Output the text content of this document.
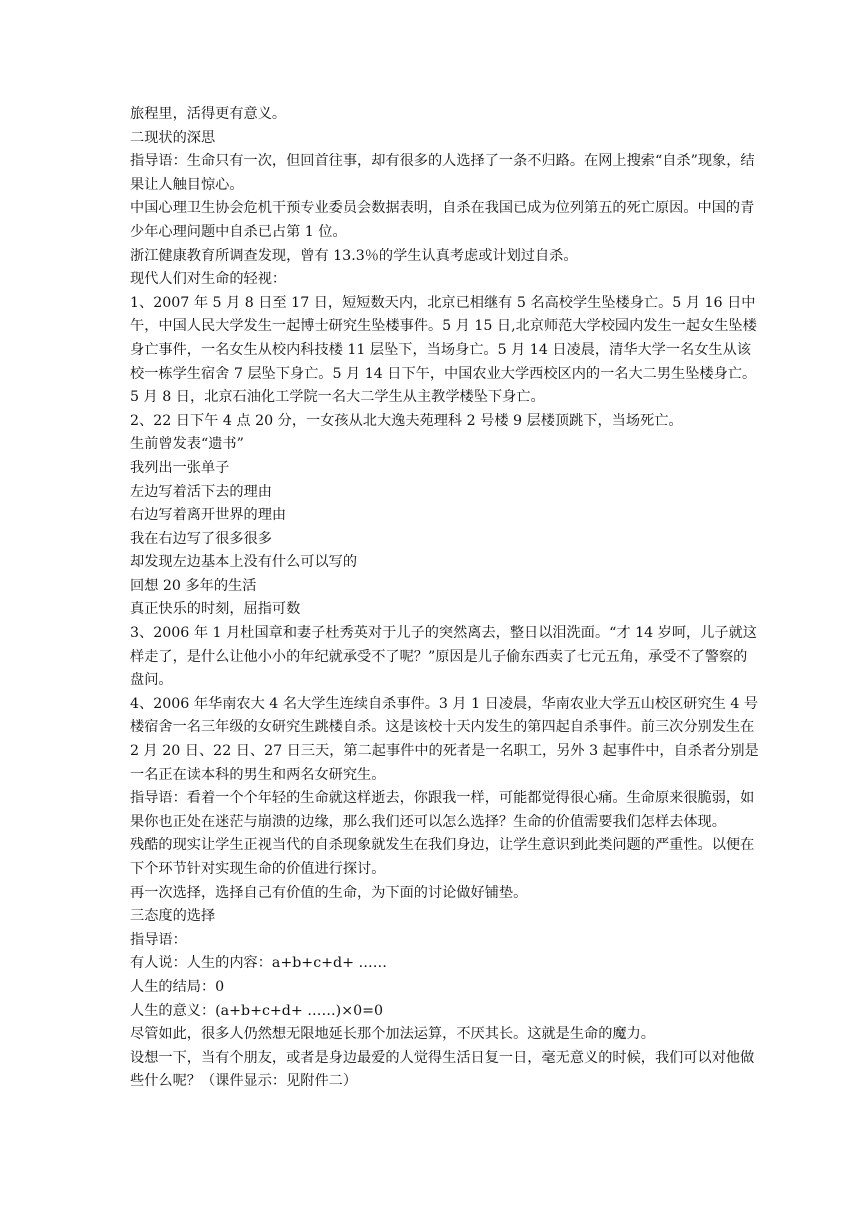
旅程里，活得更有意义。

二现状的深思

指导语：生命只有一次，但回首往事，却有很多的人选择了一条不归路。在网上搜索“自杀”现象，结果让人触目惊心。

中国心理卫生协会危机干预专业委员会数据表明，自杀在我国已成为位列第五的死亡原因。中国的青少年心理问题中自杀已占第 1 位。

浙江健康教育所调查发现，曾有 13.3％的学生认真考虑或计划过自杀。

现代人们对生命的轻视：

1、2007 年 5 月 8 日至 17 日，短短数天内，北京已相继有 5 名高校学生坠楼身亡。5 月 16 日中午，中国人民大学发生一起博士研究生坠楼事件。5 月 15 日,北京师范大学校园内发生一起女生坠楼身亡事件，一名女生从校内科技楼 11 层坠下，当场身亡。5 月 14 日凌晨，清华大学一名女生从该校一栋学生宿舍 7 层坠下身亡。5 月 14 日下午，中国农业大学西校区内的一名大二男生坠楼身亡。5 月 8 日，北京石油化工学院一名大二学生从主教学楼坠下身亡。

2、22 日下午 4 点 20 分，一女孩从北大逸夫苑理科 2 号楼 9 层楼顶跳下，当场死亡。

生前曾发表“遗书”

我列出一张单子

左边写着活下去的理由

右边写着离开世界的理由

我在右边写了很多很多

却发现左边基本上没有什么可以写的

回想 20 多年的生活

真正快乐的时刻，屈指可数

3、2006 年 1 月杜国章和妻子杜秀英对于儿子的突然离去，整日以泪洗面。“才 14 岁呵，儿子就这样走了，是什么让他小小的年纪就承受不了呢？”原因是儿子偷东西卖了七元五角，承受不了警察的盘问。

4、2006 年华南农大 4 名大学生连续自杀事件。3 月 1 日凌晨，华南农业大学五山校区研究生 4 号楼宿舍一名三年级的女研究生跳楼自杀。这是该校十天内发生的第四起自杀事件。前三次分别发生在 2 月 20 日、22 日、27 日三天，第二起事件中的死者是一名职工，另外 3 起事件中，自杀者分别是一名正在读本科的男生和两名女研究生。

指导语：看着一个个年轻的生命就这样逝去，你跟我一样，可能都觉得很心痛。生命原来很脆弱，如果你也正处在迷茫与崩溃的边缘，那么我们还可以怎么选择？生命的价值需要我们怎样去体现。

残酷的现实让学生正视当代的自杀现象就发生在我们身边，让学生意识到此类问题的严重性。以便在下个环节针对实现生命的价值进行探讨。

再一次选择，选择自己有价值的生命，为下面的讨论做好铺垫。

三态度的选择

指导语：

有人说：人生的内容：a+b+c+d+ ……

人生的结局：0

人生的意义：(a+b+c+d+ ……)×0=0

尽管如此，很多人仍然想无限地延长那个加法运算，不厌其长。这就是生命的魔力。

设想一下，当有个朋友，或者是身边最爱的人觉得生活日复一日，毫无意义的时候，我们可以对他做些什么呢？（课件显示：见附件二）
